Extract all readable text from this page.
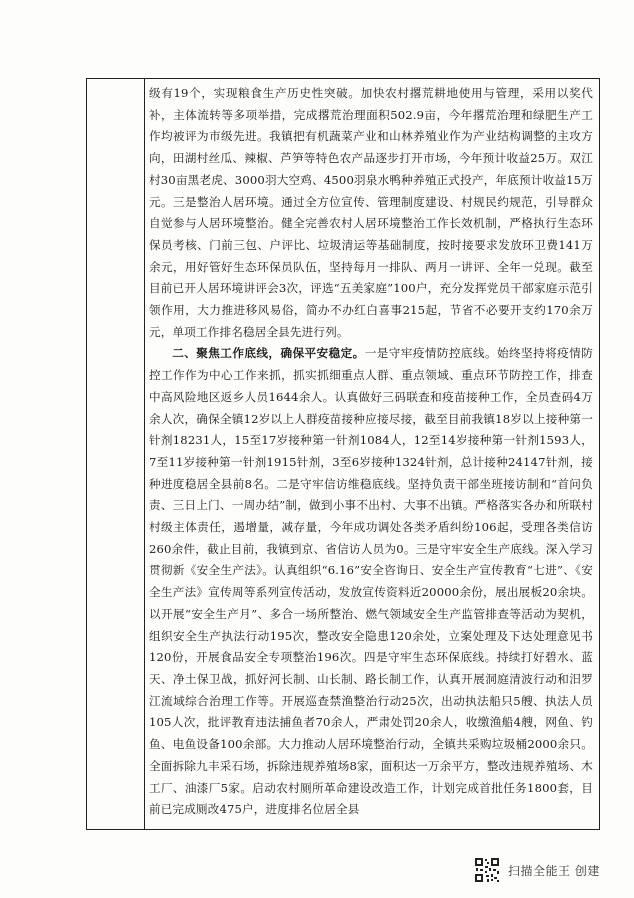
级有19个，实现粮食生产历史性突破。加快农村撂荒耕地使用与管理，采用以奖代补，主体流转等多项举措，完成撂荒治理面积502.9亩，今年撂荒治理和绿肥生产工作均被评为市级先进。我镇把有机蔬菜产业和山林养殖业作为产业结构调整的主攻方向，田湖村丝瓜、辣椒、芦笋等特色农产品逐步打开市场，今年预计收益25万。双江村30亩黑老虎、3000羽大空鸡、4500羽泉水鸭种养殖正式投产，年底预计收益15万元。三是整治人居环境。通过全方位宣传、管理制度建设、村规民约规范，引导群众自觉参与人居环境整治。健全完善农村人居环境整治工作长效机制，严格执行生态环保员考核、门前三包、户评比、垃圾清运等基础制度，按时接要求发放环卫费141万余元，用好管好生态环保员队伍，坚持每月一排队、两月一讲评、全年一兑现。截至目前已开人居环境讲评会3次，评选“五美家庭”100户，充分发挥党员干部家庭示范引领作用，大力推进移风易俗，简办不办红白喜事215起，节省不必要开支约170余万元，单项工作排名稳居全县先进行列。

二、聚焦工作底线，确保平安稳定。一是守牢疫情防控底线。始终坚持将疫情防控工作作为中心工作来抓，抓实抓细重点人群、重点领域、重点环节防控工作，排查中高风险地区返乡人员1644余人。认真做好三码联查和疫苗接种工作，全员查码4万余人次，确保全镇12岁以上人群疫苗接种应接尽接，截至目前我镇18岁以上接种第一针剂18231人，15至17岁接种第一针剂1084人，12至14岁接种第一针剂1593人，7至11岁接种第一针剂1915针剂，3至6岁接种1324针剂，总计接种24147针剂，接种进度稳居全县前8名。二是守牢信访维稳底线。坚持负责干部坐班接访制和“首问负责、三日上门、一周办结”制，做到小事不出村、大事不出镇。严格落实各办和所联村村级主体责任，遏增量，减存量，今年成功调处各类矛盾纠纷106起，受理各类信访260余件，截止目前，我镇到京、省信访人员为0。三是守牢安全生产底线。深入学习贯彻新《安全生产法》。认真组织“6.16”安全咨询日、安全生产宣传教育“七进”、《安全生产法》宣传周等系列宣传活动，发放宣传资料近20000余份，展出展板20余块。以开展“安全生产月”、多合一场所整治、燃气领域安全生产监管排查等活动为契机，组织安全生产执法行动195次，整改安全隐患120余处，立案处理及下达处理意见书120份，开展食品安全专项整治196次。四是守牢生态环保底线。持续打好碧水、蓝天、净土保卫战，抓好河长制、山长制、路长制工作，认真开展洞庭清波行动和汨罗江流域综合治理工作等。开展巡查禁渔整治行动25次，出动执法船只5艘、执法人员105人次，批评教育违法捕鱼者70余人，严肃处罚20余人，收缴渔船4艘，网鱼、钓鱼、电鱼设备100余部。大力推动人居环境整治行动，全镇共采购垃圾桶2000余只。全面拆除九丰采石场，拆除违规养殖场8家，面积达一万余平方，整改违规养殖场、木工厂、油漆厂5家。启动农村厕所革命建设改造工作，计划完成首批任务1800套，目前已完成厕改475户，进度排名位居全县

扫描全能王 创建
